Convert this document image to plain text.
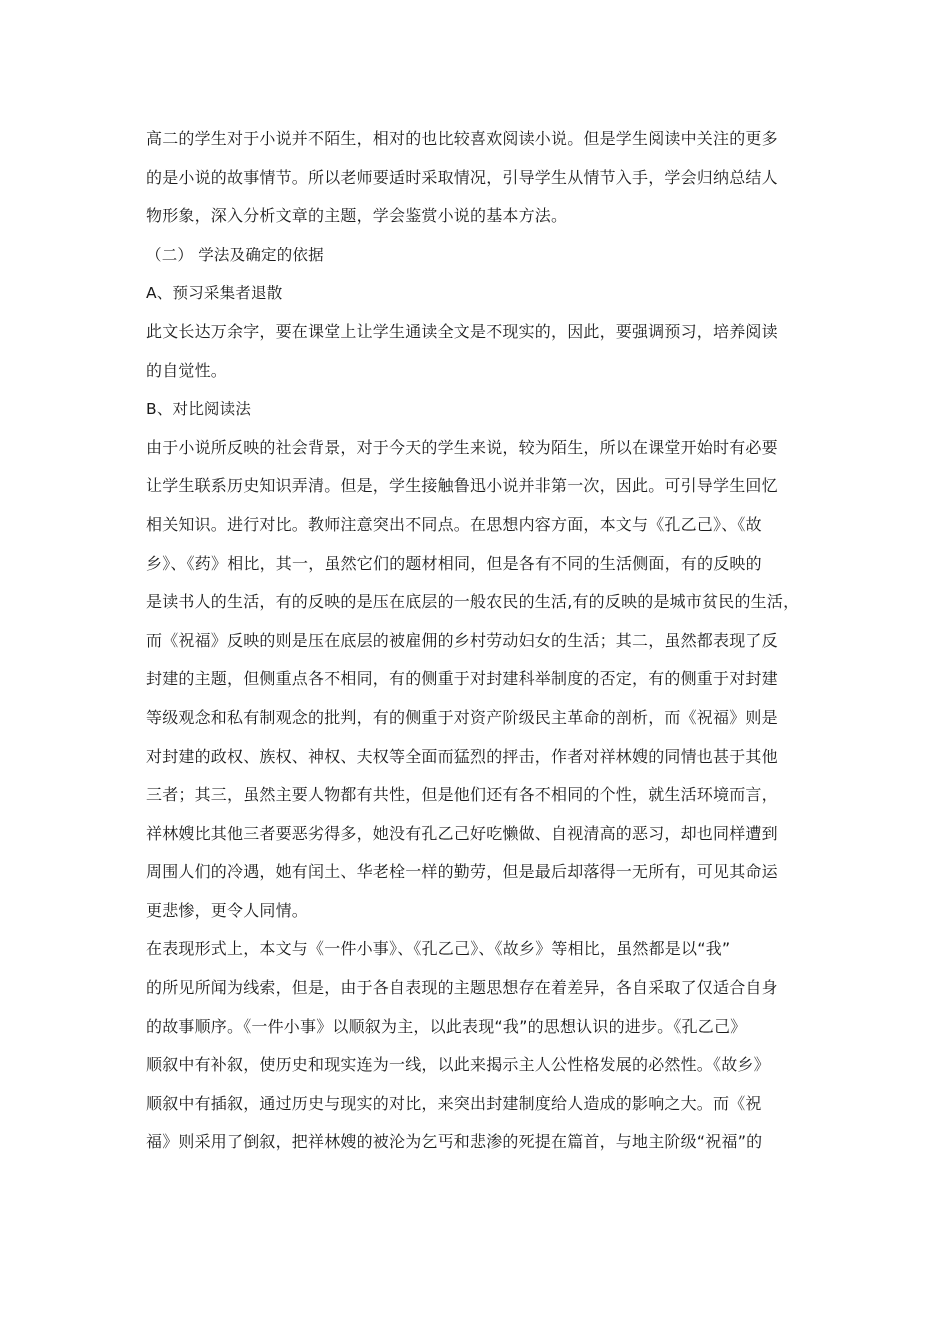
高二的学生对于小说并不陌生，相对的也比较喜欢阅读小说。但是学生阅读中关注的更多
的是小说的故事情节。所以老师要适时采取情况，引导学生从情节入手，学会归纳总结人
物形象，深入分析文章的主题，学会鉴赏小说的基本方法。
（二） 学法及确定的依据
A、预习采集者退散
此文长达万余字，要在课堂上让学生通读全文是不现实的，因此，要强调预习，培养阅读
的自觉性。
B、对比阅读法
由于小说所反映的社会背景，对于今天的学生来说，较为陌生，所以在课堂开始时有必要
让学生联系历史知识弄清。但是，学生接触鲁迅小说并非第一次，因此。可引导学生回忆
相关知识。进行对比。教师注意突出不同点。在思想内容方面，本文与《孔乙己》、《故
乡》、《药》相比，其一，虽然它们的题材相同，但是各有不同的生活侧面，有的反映的
是读书人的生活，有的反映的是压在底层的一般农民的生活,有的反映的是城市贫民的生活，
而《祝福》反映的则是压在底层的被雇佣的乡村劳动妇女的生活；其二，虽然都表现了反
封建的主题，但侧重点各不相同，有的侧重于对封建科举制度的否定，有的侧重于对封建
等级观念和私有制观念的批判，有的侧重于对资产阶级民主革命的剖析，而《祝福》则是
对封建的政权、族权、神权、夫权等全面而猛烈的抨击，作者对祥林嫂的同情也甚于其他
三者；其三，虽然主要人物都有共性，但是他们还有各不相同的个性，就生活环境而言，
祥林嫂比其他三者要恶劣得多，她没有孔乙己好吃懒做、自视清高的恶习，却也同样遭到
周围人们的冷遇，她有闰土、华老栓一样的勤劳，但是最后却落得一无所有，可见其命运
更悲惨，更令人同情。
在表现形式上，本文与《一件小事》、《孔乙己》、《故乡》等相比，虽然都是以“我”
的所见所闻为线索，但是，由于各自表现的主题思想存在着差异，各自采取了仅适合自身
的故事顺序。《一件小事》以顺叙为主，以此表现“我”的思想认识的进步。《孔乙己》
顺叙中有补叙，使历史和现实连为一线，以此来揭示主人公性格发展的必然性。《故乡》
顺叙中有插叙，通过历史与现实的对比，来突出封建制度给人造成的影响之大。而《祝
福》则采用了倒叙，把祥林嫂的被沦为乞丐和悲渗的死提在篇首，与地主阶级“祝福”的
